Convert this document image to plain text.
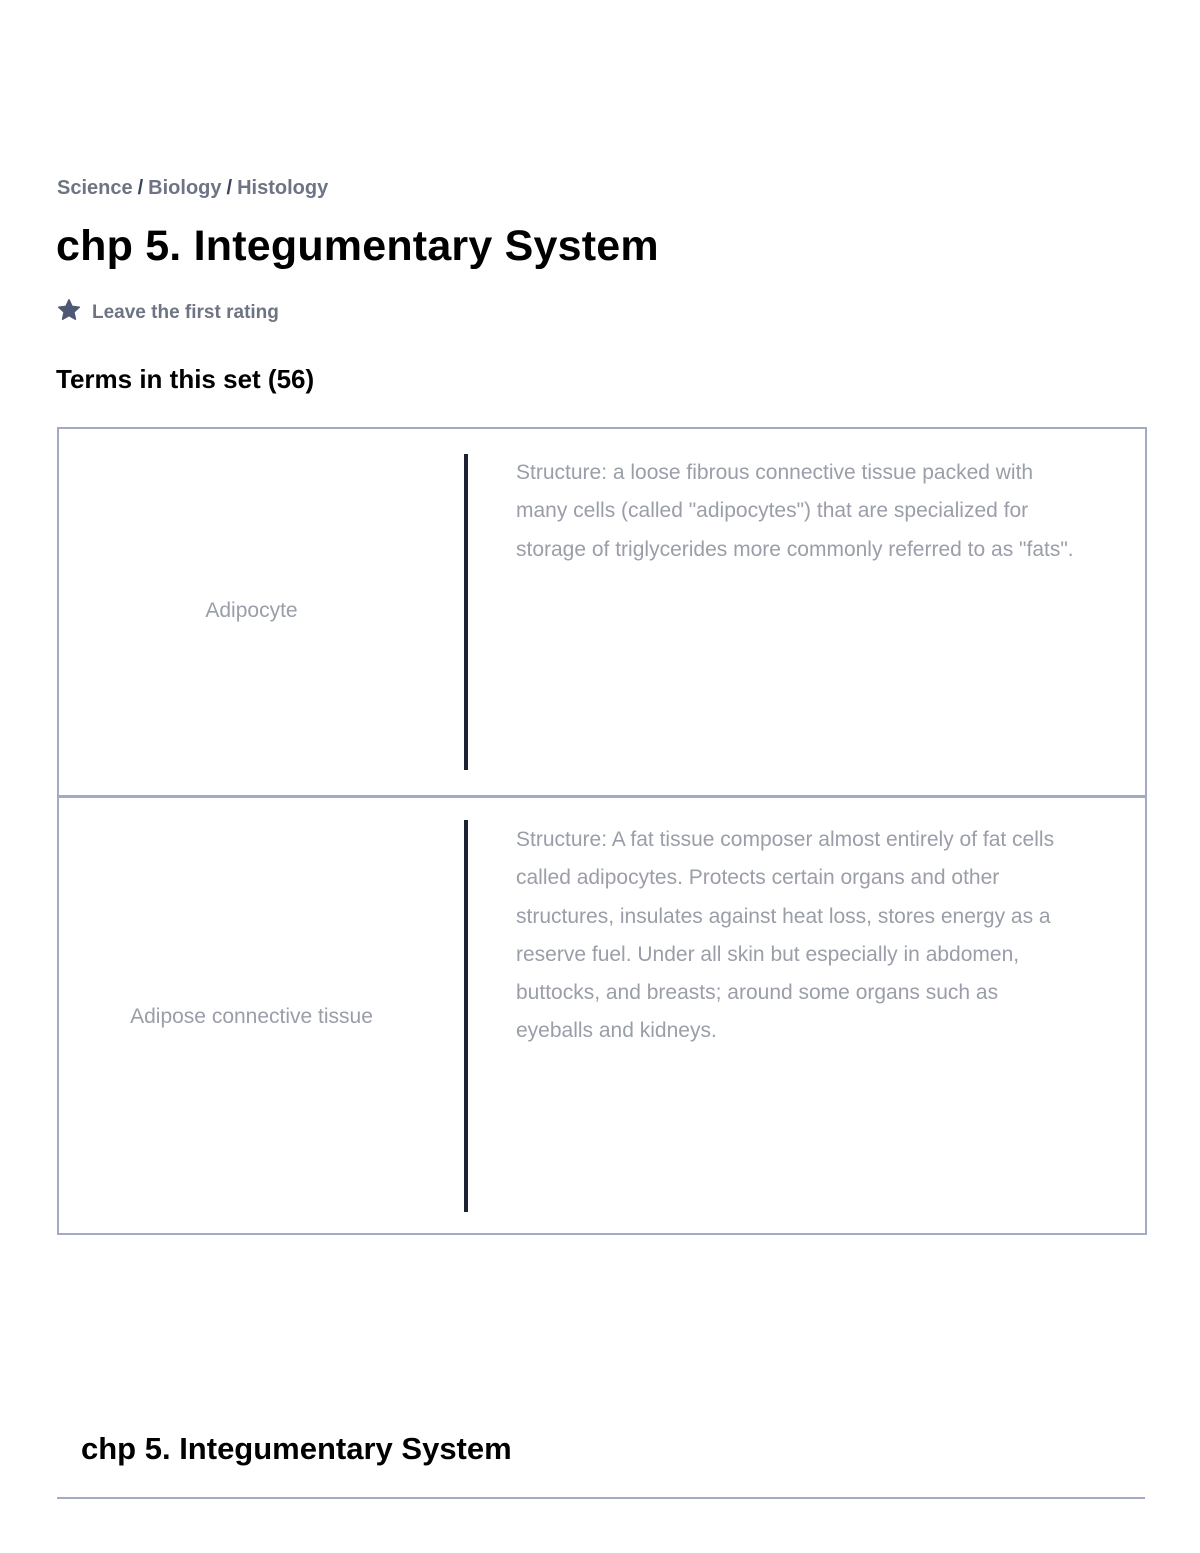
Science / Biology / Histology
chp 5. Integumentary System
Leave the first rating
Terms in this set (56)
Adipocyte
Structure: a loose fibrous connective tissue packed with many cells (called "adipocytes") that are specialized for storage of triglycerides more commonly referred to as "fats".
Adipose connective tissue
Structure: A fat tissue composer almost entirely of fat cells called adipocytes. Protects certain organs and other structures, insulates against heat loss, stores energy as a reserve fuel. Under all skin but especially in abdomen, buttocks, and breasts; around some organs such as eyeballs and kidneys.
chp 5. Integumentary System
